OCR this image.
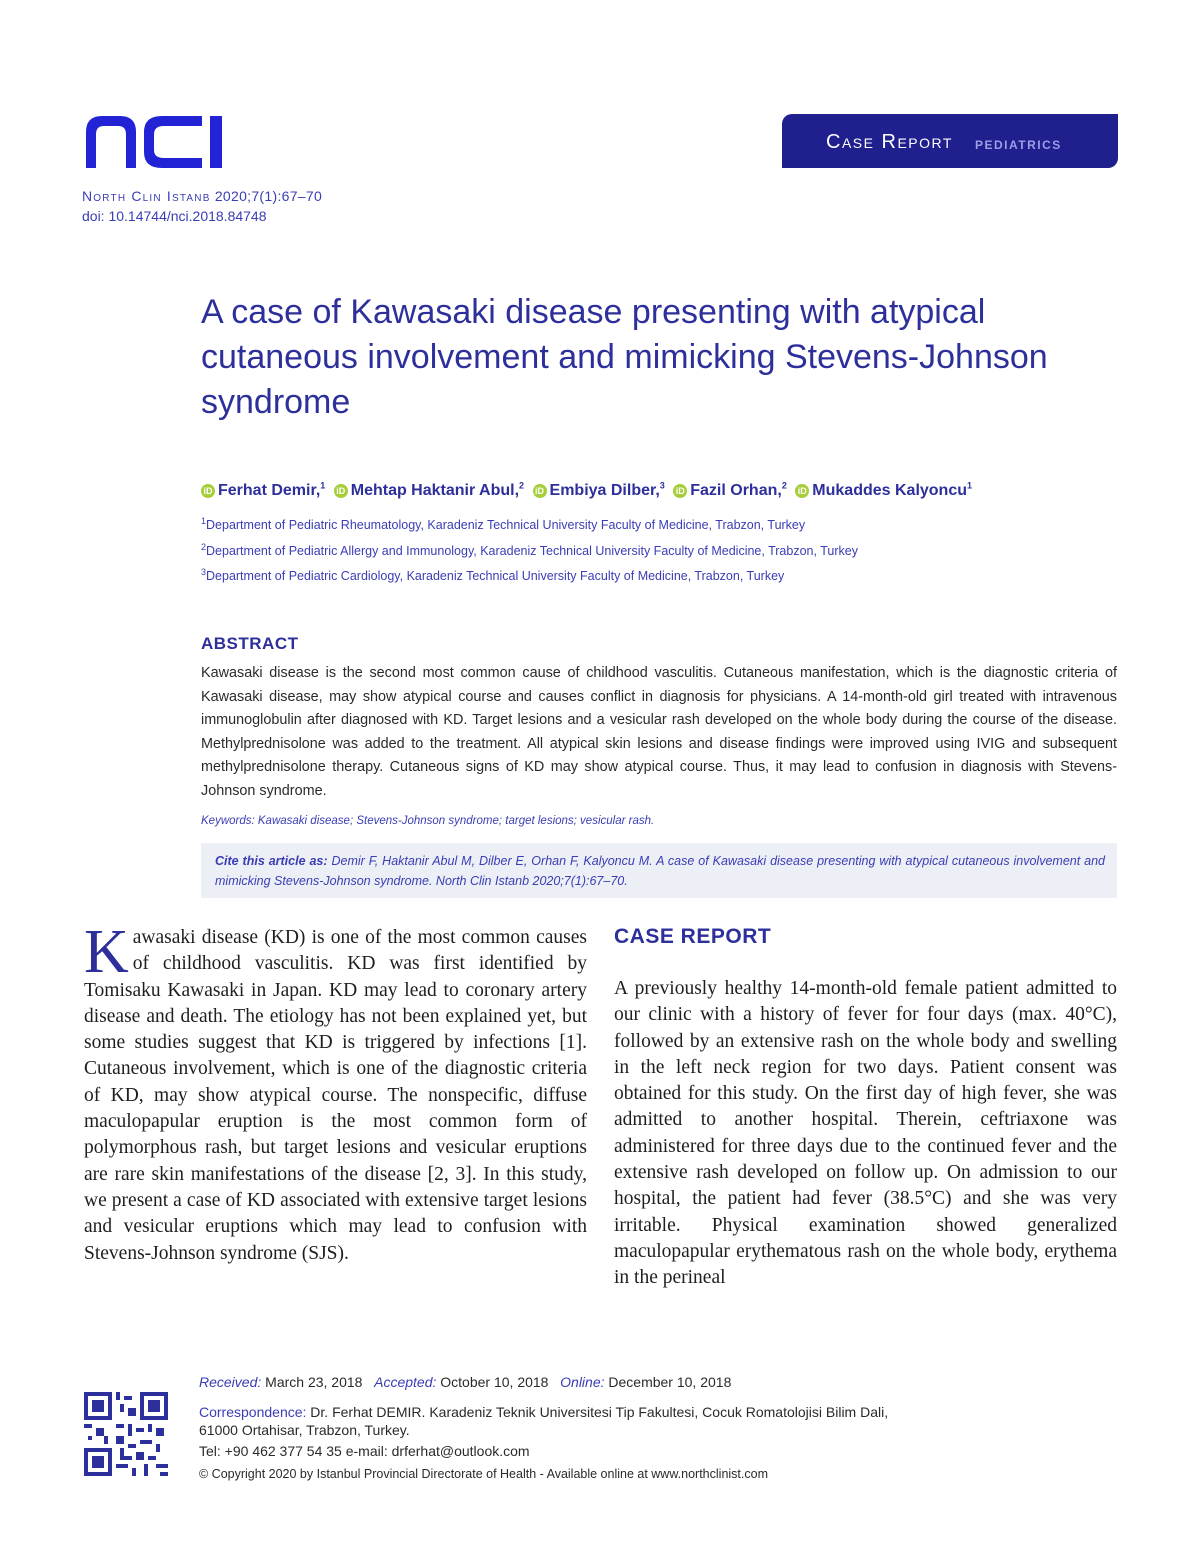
North Clin Istanb 2020;7(1):67–70
doi: 10.14744/nci.2018.84748
Case Report PEDIATRICS
A case of Kawasaki disease presenting with atypical cutaneous involvement and mimicking Stevens-Johnson syndrome
iD Ferhat Demir,$^1$ iD Mehtap Haktanir Abul,$^2$ iD Embiya Dilber,$^3$ iD Fazil Orhan,$^2$ iD Mukaddes Kalyoncu$^1$
$^1$Department of Pediatric Rheumatology, Karadeniz Technical University Faculty of Medicine, Trabzon, Turkey
$^2$Department of Pediatric Allergy and Immunology, Karadeniz Technical University Faculty of Medicine, Trabzon, Turkey
$^3$Department of Pediatric Cardiology, Karadeniz Technical University Faculty of Medicine, Trabzon, Turkey
ABSTRACT
Kawasaki disease is the second most common cause of childhood vasculitis. Cutaneous manifestation, which is the diagnostic criteria of Kawasaki disease, may show atypical course and causes conflict in diagnosis for physicians. A 14-month-old girl treated with intravenous immunoglobulin after diagnosed with KD. Target lesions and a vesicular rash developed on the whole body during the course of the disease. Methylprednisolone was added to the treatment. All atypical skin lesions and disease findings were improved using IVIG and subsequent methylprednisolone therapy. Cutaneous signs of KD may show atypical course. Thus, it may lead to confusion in diagnosis with Stevens-Johnson syndrome.
Keywords: Kawasaki disease; Stevens-Johnson syndrome; target lesions; vesicular rash.

Cite this article as: Demir F, Haktanir Abul M, Dilber E, Orhan F, Kalyoncu M. A case of Kawasaki disease presenting with atypical cutaneous involvement and mimicking Stevens-Johnson syndrome. North Clin Istanb 2020;7(1):67–70.

Kawasaki disease (KD) is one of the most common causes of childhood vasculitis. KD was first identified by Tomisaku Kawasaki in Japan. KD may lead to coronary artery disease and death. The etiology has not been explained yet, but some studies suggest that KD is triggered by infections [1]. Cutaneous involvement, which is one of the diagnostic criteria of KD, may show atypical course. The nonspecific, diffuse maculopapular eruption is the most common form of polymorphous rash, but target lesions and vesicular eruptions are rare skin manifestations of the disease [2, 3]. In this study, we present a case of KD associated with extensive target lesions and vesicular eruptions which may lead to confusion with Stevens-Johnson syndrome (SJS).
CASE REPORT
A previously healthy 14-month-old female patient admitted to our clinic with a history of fever for four days (max. 40°C), followed by an extensive rash on the whole body and swelling in the left neck region for two days. Patient consent was obtained for this study. On the first day of high fever, she was admitted to another hospital. Therein, ceftriaxone was administered for three days due to the continued fever and the extensive rash developed on follow up. On admission to our hospital, the patient had fever (38.5°C) and she was very irritable. Physical examination showed generalized maculopapular erythematous rash on the whole body, erythema in the perineal
Received: March 23, 2018 Accepted: October 10, 2018 Online: December 10, 2018
Correspondence: Dr. Ferhat DEMIR. Karadeniz Teknik Universitesi Tip Fakultesi, Cocuk Romatolojisi Bilim Dali,
61000 Ortahisar, Trabzon, Turkey.
Tel: +90 462 377 54 35 e-mail: drferhat@outlook.com
© Copyright 2020 by Istanbul Provincial Directorate of Health - Available online at www.northclinist.com
